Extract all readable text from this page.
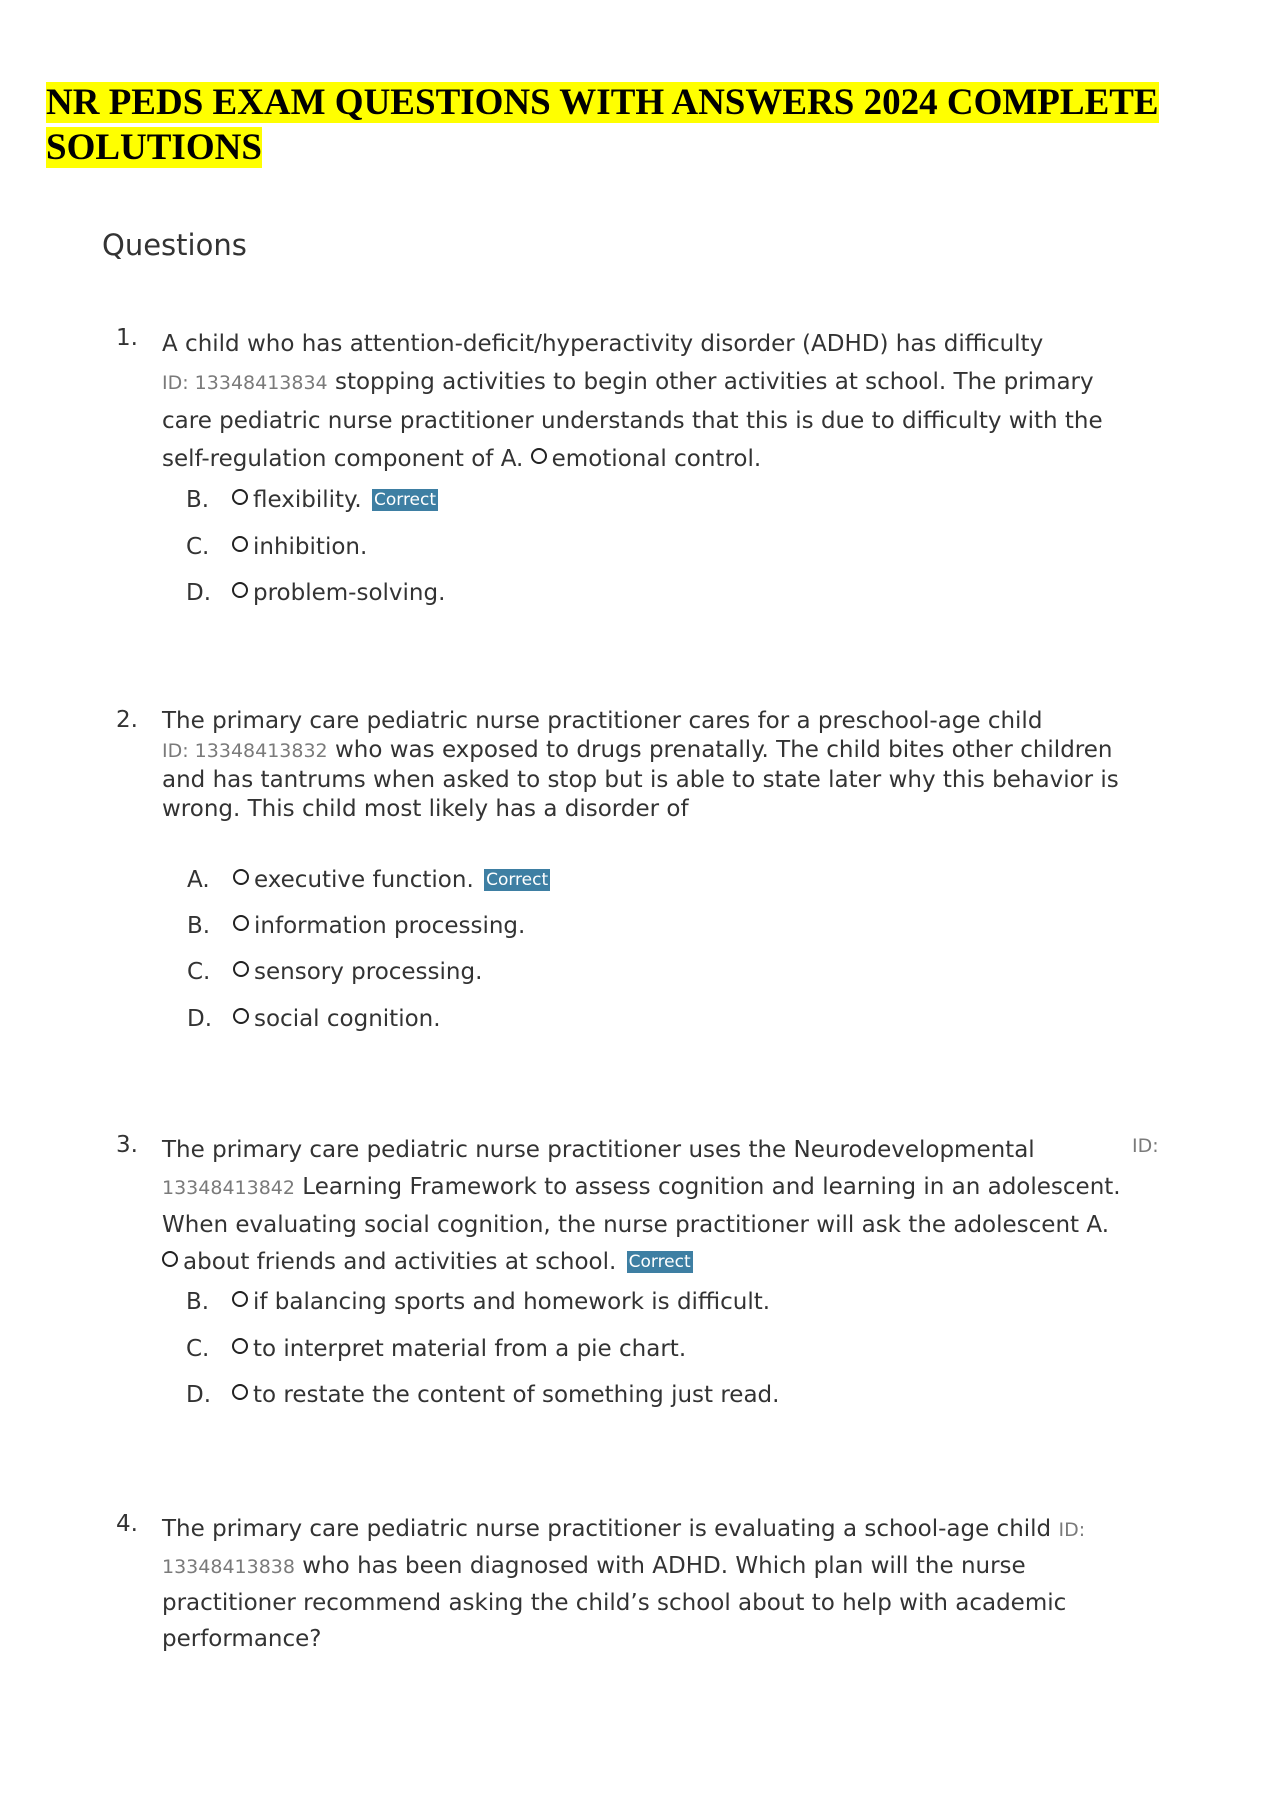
NR PEDS EXAM QUESTIONS WITH ANSWERS 2024 COMPLETE SOLUTIONS
Questions
1. A child who has attention-deficit/hyperactivity disorder (ADHD) has difficulty
ID: 13348413834 stopping activities to begin other activities at school. The primary
care pediatric nurse practitioner understands that this is due to difficulty with the
self-regulation component of A. emotional control.
B. flexibility. Correct
C. inhibition.
D. problem-solving.
2. The primary care pediatric nurse practitioner cares for a preschool-age child
ID: 13348413832 who was exposed to drugs prenatally. The child bites other children
and has tantrums when asked to stop but is able to state later why this behavior is
wrong. This child most likely has a disorder of
A. executive function. Correct
B. information processing.
C. sensory processing.
D. social cognition.
3.	ID:
The primary care pediatric nurse practitioner uses the Neurodevelopmental
13348413842 Learning Framework to assess cognition and learning in an adolescent.
When evaluating social cognition, the nurse practitioner will ask the adolescent A.
about friends and activities at school. Correct
B. if balancing sports and homework is difficult.
C. to interpret material from a pie chart.
D. to restate the content of something just read.
4. The primary care pediatric nurse practitioner is evaluating a school-age child ID:
13348413838 who has been diagnosed with ADHD. Which plan will the nurse
practitioner recommend asking the child’s school about to help with academic
performance?
